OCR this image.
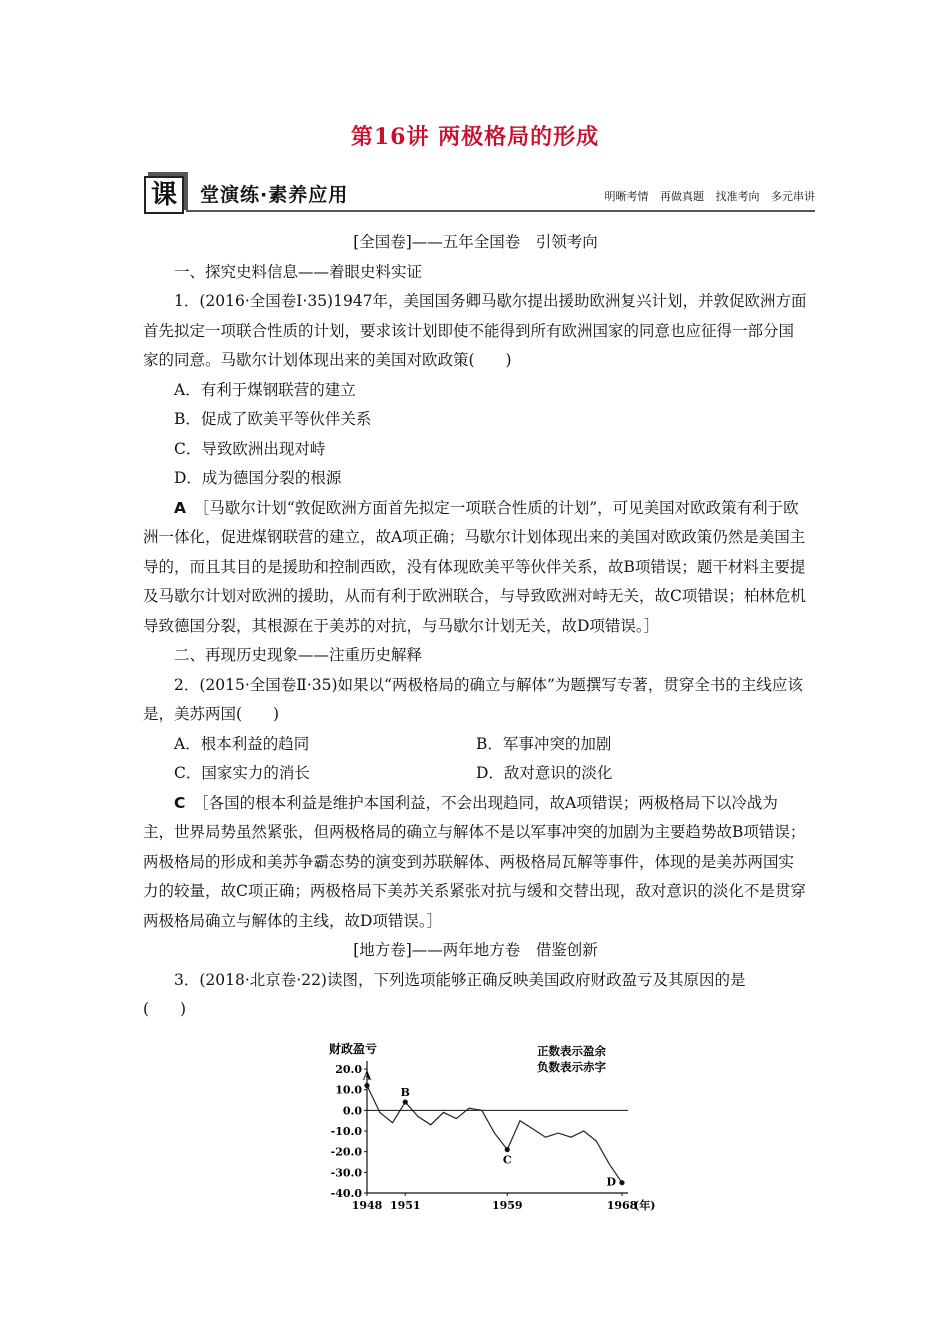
第16讲 两极格局的形成
课	堂演练·素养应用	明晰考情 再做真题 找准考向 多元串讲

[全国卷]——五年全国卷　引领考向

一、探究史料信息——着眼史料实证

1．(2016·全国卷Ⅰ·35)1947年，美国国务卿马歇尔提出援助欧洲复兴计划，并敦促欧洲方面首先拟定一项联合性质的计划，要求该计划即使不能得到所有欧洲国家的同意也应征得一部分国家的同意。马歇尔计划体现出来的美国对欧政策(　　)

A．有利于煤钢联营的建立

B．促成了欧美平等伙伴关系

C．导致欧洲出现对峙

D．成为德国分裂的根源

A　 ［马歇尔计划“敦促欧洲方面首先拟定一项联合性质的计划”，可见美国对欧政策有利于欧洲一体化，促进煤钢联营的建立，故A项正确；马歇尔计划体现出来的美国对欧政策仍然是美国主导的，而且其目的是援助和控制西欧，没有体现欧美平等伙伴关系，故B项错误；题干材料主要提及马歇尔计划对欧洲的援助，从而有利于欧洲联合，与导致欧洲对峙无关，故C项错误；柏林危机导致德国分裂，其根源在于美苏的对抗，与马歇尔计划无关，故D项错误。］

二、再现历史现象——注重历史解释

2．(2015·全国卷Ⅱ·35)如果以“两极格局的确立与解体”为题撰写专著，贯穿全书的主线应该是，美苏两国(　　)

A．根本利益的趋同	B．军事冲突的加剧
C．国家实力的消长	D．敌对意识的淡化

C　 ［各国的根本利益是维护本国利益，不会出现趋同，故A项错误；两极格局下以冷战为主，世界局势虽然紧张，但两极格局的确立与解体不是以军事冲突的加剧为主要趋势故B项错误；两极格局的形成和美苏争霸态势的演变到苏联解体、两极格局瓦解等事件，体现的是美苏两国实力的较量，故C项正确；两极格局下美苏关系紧张对抗与缓和交替出现，敌对意识的淡化不是贯穿两极格局确立与解体的主线，故D项错误。］

[地方卷]——两年地方卷　借鉴创新

3．(2018·北京卷·22)读图，下列选项能够正确反映美国政府财政盈亏及其原因的是

(　　)

财政盈亏
20.0
10.0
0.0
-10.0
-20.0
-30.0
-40.0
1948 1951	1959	1968
(年)
正数表示盈余
负数表示赤字
A
B
C
D
